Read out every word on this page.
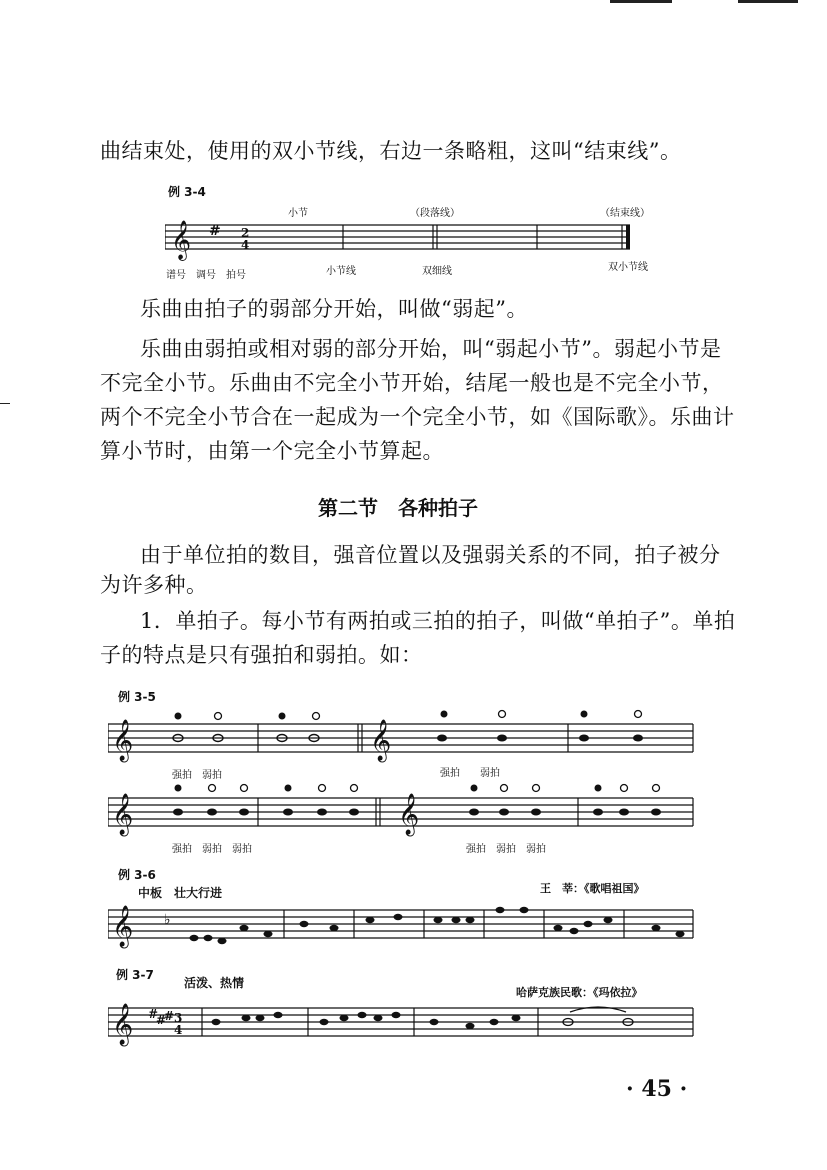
曲结束处，使用的双小节线，右边一条略粗，这叫“结束线”。
例 3-4
小节	（段落线）	（结束线）
𝄞 # 2
4
谱号　调号　拍号	小节线	双细线	双小节线
乐曲由拍子的弱部分开始，叫做“弱起”。
乐曲由弱拍或相对弱的部分开始，叫“弱起小节”。弱起小节是
不完全小节。乐曲由不完全小节开始，结尾一般也是不完全小节，
两个不完全小节合在一起成为一个完全小节，如《国际歌》。乐曲计
算小节时，由第一个完全小节算起。
第二节　各种拍子
由于单位拍的数目，强音位置以及强弱关系的不同，拍子被分
为许多种。
1．单拍子。每小节有两拍或三拍的拍子，叫做“单拍子”。单拍
子的特点是只有强拍和弱拍。如：
例 3-5
𝄞	𝄞
强拍　弱拍	强拍　　弱拍
𝄞	𝄞
强拍　弱拍　弱拍	强拍　弱拍　弱拍
例 3-6
中板　壮大行进	王　莘：《歌唱祖国》
𝄞 ♭
例 3-7
活泼、热情
哈萨克族民歌：《玛依拉》
𝄞 #
#
# 3
4
· 45 ·
